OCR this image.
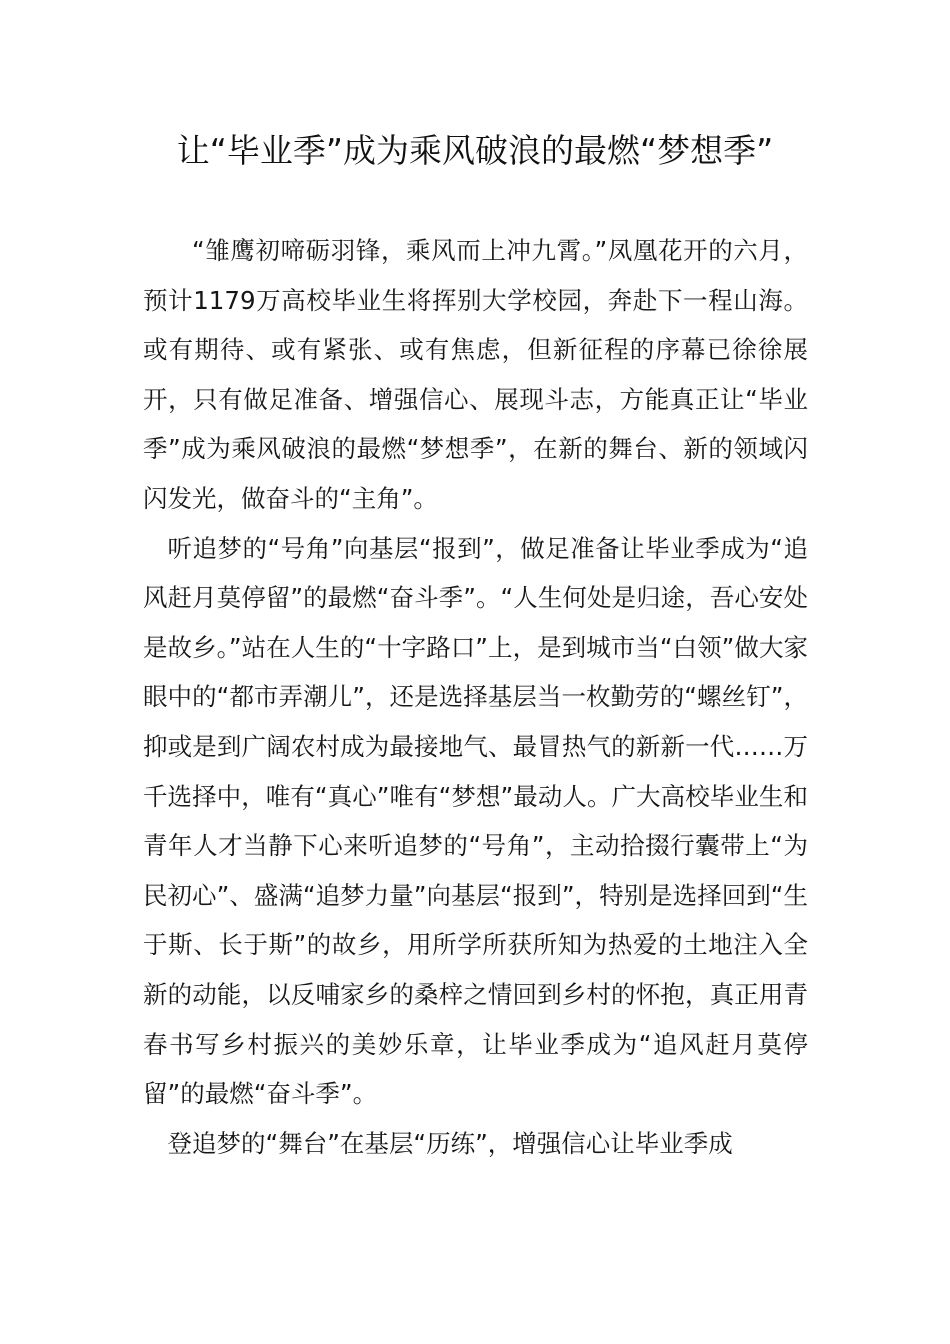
让“毕业季”成为乘风破浪的最燃“梦想季”

“雏鹰初啼砺羽锋，乘风而上冲九霄。”凤凰花开的六月，预计1179万高校毕业生将挥别大学校园，奔赴下一程山海。或有期待、或有紧张、或有焦虑，但新征程的序幕已徐徐展开，只有做足准备、增强信心、展现斗志，方能真正让“毕业季”成为乘风破浪的最燃“梦想季”，在新的舞台、新的领域闪闪发光，做奋斗的“主角”。

听追梦的“号角”向基层“报到”，做足准备让毕业季成为“追风赶月莫停留”的最燃“奋斗季”。“人生何处是归途，吾心安处是故乡。”站在人生的“十字路口”上，是到城市当“白领”做大家眼中的“都市弄潮儿”，还是选择基层当一枚勤劳的“螺丝钉”，抑或是到广阔农村成为最接地气、最冒热气的新新一代……万千选择中，唯有“真心”唯有“梦想”最动人。广大高校毕业生和青年人才当静下心来听追梦的“号角”，主动拾掇行囊带上“为民初心”、盛满“追梦力量”向基层“报到”，特别是选择回到“生于斯、长于斯”的故乡，用所学所获所知为热爱的土地注入全新的动能，以反哺家乡的桑梓之情回到乡村的怀抱，真正用青春书写乡村振兴的美妙乐章，让毕业季成为“追风赶月莫停留”的最燃“奋斗季”。

登追梦的“舞台”在基层“历练”，增强信心让毕业季成
